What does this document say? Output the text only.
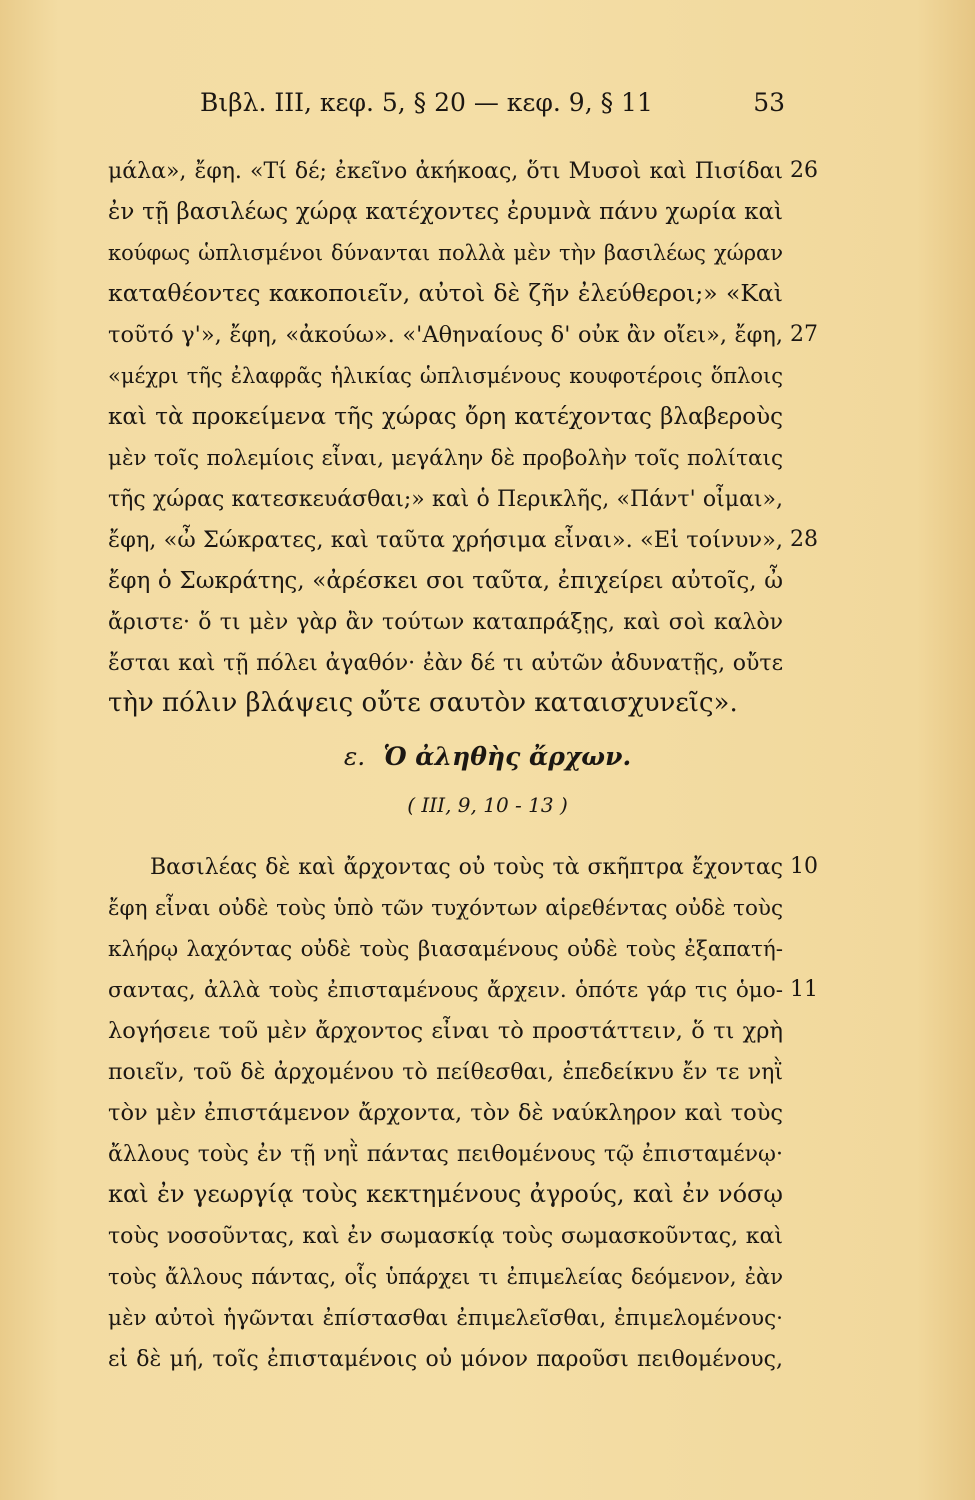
Βιβλ. ΙΙΙ, κεφ. 5, § 20 — κεφ. 9, § 11	53
μάλα», ἔφη. «Τί δέ; ἐκεῖνο ἀκήκοας, ὅτι Μυσοὶ καὶ Πισίδαι 26
ἐν τῇ βασιλέως χώρᾳ κατέχοντες ἐρυμνὰ πάνυ χωρία καὶ
κούφως ὡπλισμένοι δύνανται πολλὰ μὲν τὴν βασιλέως χώραν
καταθέοντες κακοποιεῖν, αὐτοὶ δὲ ζῆν ἐλεύθεροι;» «Καὶ
τοῦτό γ'», ἔφη, «ἀκούω». «'Αθηναίους δ' οὐκ ἂν οἴει», ἔφη, 27
«μέχρι τῆς ἐλαφρᾶς ἡλικίας ὡπλισμένους κουφοτέροις ὅπλοις
καὶ τὰ προκείμενα τῆς χώρας ὄρη κατέχοντας βλαβεροὺς
μὲν τοῖς πολεμίοις εἶναι, μεγάλην δὲ προβολὴν τοῖς πολίταις
τῆς χώρας κατεσκευάσθαι;» καὶ ὁ Περικλῆς, «Πάντ' οἶμαι»,
ἔφη, «ὦ Σώκρατες, καὶ ταῦτα χρήσιμα εἶναι». «Εἰ τοίνυν», 28
ἔφη ὁ Σωκράτης, «ἀρέσκει σοι ταῦτα, ἐπιχείρει αὐτοῖς, ὦ
ἄριστε· ὅ τι μὲν γὰρ ἂν τούτων καταπράξῃς, καὶ σοὶ καλὸν
ἔσται καὶ τῇ πόλει ἀγαθόν· ἐὰν δέ τι αὐτῶν ἀδυνατῇς, οὔτε
τὴν πόλιν βλάψεις οὔτε σαυτὸν καταισχυνεῖς».
ε. Ὁ ἀληθὴς ἄρχων.
( III, 9, 10 - 13 )
Βασιλέας δὲ καὶ ἄρχοντας οὐ τοὺς τὰ σκῆπτρα ἔχοντας 10
ἔφη εἶναι οὐδὲ τοὺς ὑπὸ τῶν τυχόντων αἱρεθέντας οὐδὲ τοὺς
κλήρῳ λαχόντας οὐδὲ τοὺς βιασαμένους οὐδὲ τοὺς ἐξαπατή-
σαντας, ἀλλὰ τοὺς ἐπισταμένους ἄρχειν. ὁπότε γάρ τις ὁμο- 11
λογήσειε τοῦ μὲν ἄρχοντος εἶναι τὸ προστάττειν, ὅ τι χρὴ
ποιεῖν, τοῦ δὲ ἀρχομένου τὸ πείθεσθαι, ἐπεδείκνυ ἔν τε νηῒ
τὸν μὲν ἐπιστάμενον ἄρχοντα, τὸν δὲ ναύκληρον καὶ τοὺς
ἄλλους τοὺς ἐν τῇ νηῒ πάντας πειθομένους τῷ ἐπισταμένῳ·
καὶ ἐν γεωργίᾳ τοὺς κεκτημένους ἀγρούς, καὶ ἐν νόσῳ
τοὺς νοσοῦντας, καὶ ἐν σωμασκίᾳ τοὺς σωμασκοῦντας, καὶ
τοὺς ἄλλους πάντας, οἷς ὑπάρχει τι ἐπιμελείας δεόμενον, ἐὰν
μὲν αὐτοὶ ἡγῶνται ἐπίστασθαι ἐπιμελεῖσθαι, ἐπιμελομένους·
εἰ δὲ μή, τοῖς ἐπισταμένοις οὐ μόνον παροῦσι πειθομένους,
